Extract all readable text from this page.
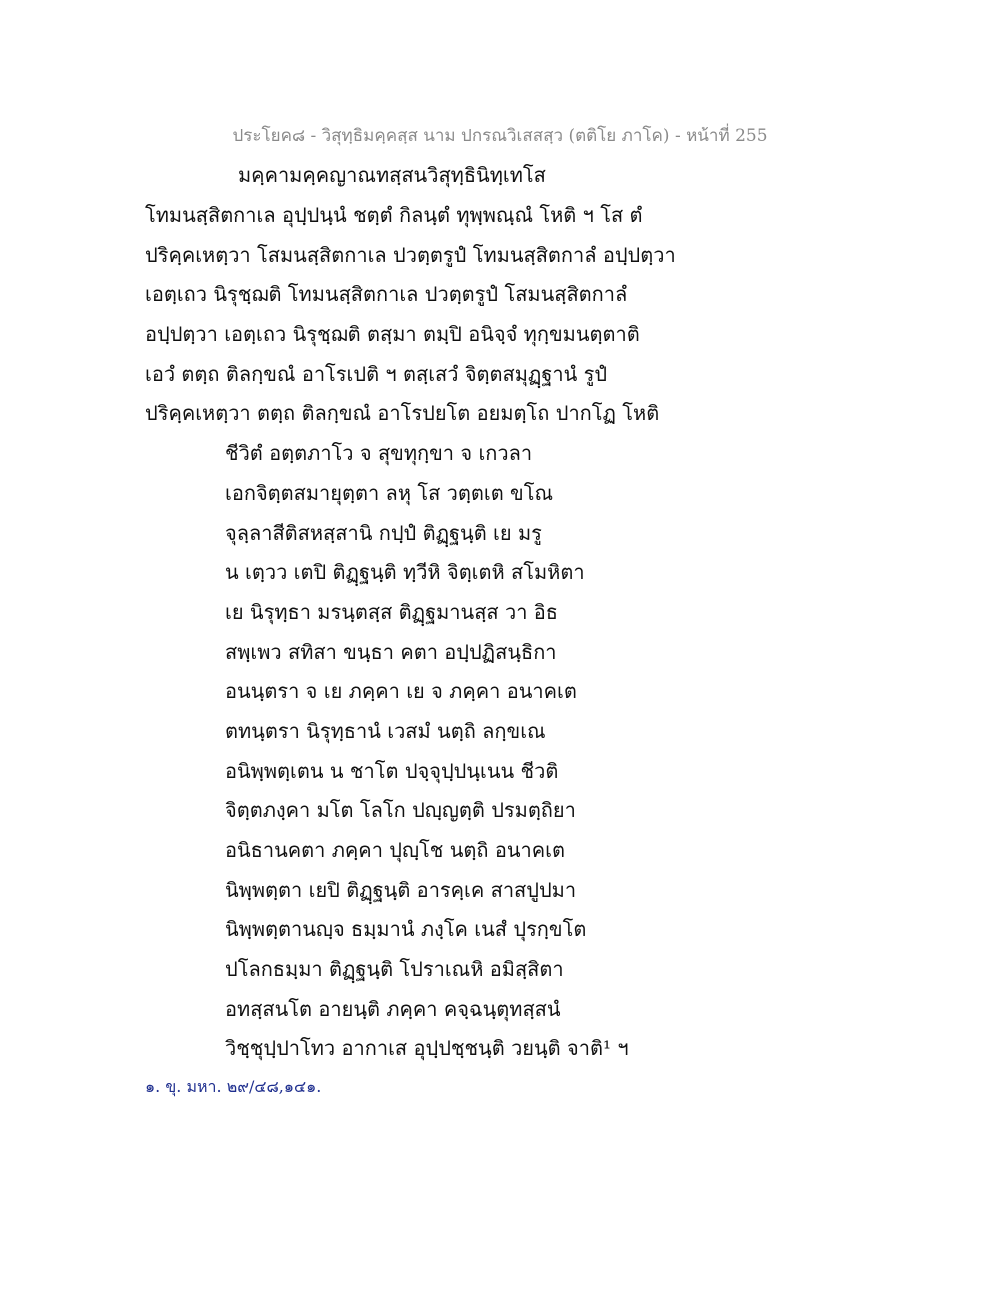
ประโยค๘ - วิสุทฺธิมคฺคสฺส นาม ปกรณวิเสสสฺว (ตติโย ภาโค) - หน้าที่ 255
มคฺคามคฺคญาณทสฺสนวิสุทฺธินิทฺเทโส
โทมนสฺสิตกาเล อุปฺปนฺนํ ชตฺตํ กิลนฺตํ ทุพฺพณฺณํ โหติ ฯ โส ตํ
ปริคฺคเหตฺวา โสมนสฺสิตกาเล ปวตฺตรูปํ โทมนสฺสิตกาลํ อปฺปตฺวา
เอตฺเถว นิรุชฺฌติ โทมนสฺสิตกาเล ปวตฺตรูปํ โสมนสฺสิตกาลํ
อปฺปตฺวา เอตฺเถว นิรุชฺฌติ ตสฺมา ตมฺปิ อนิจฺจํ ทุกฺขมนตฺตาติ
เอวํ ตตฺถ ติลกฺขณํ อาโรเปติ ฯ ตสฺเสวํ จิตฺตสมุฏฺฐานํ รูปํ
ปริคฺคเหตฺวา ตตฺถ ติลกฺขณํ อาโรปยโต อยมตฺโถ ปากโฏ โหติ
ชีวิตํ อตฺตภาโว จ สุขทุกฺขา จ เกวลา
เอกจิตฺตสมายุตฺตา ลหุ โส วตฺตเต ขโณ
จุลฺลาสีติสหสฺสานิ กปฺปํ ติฏฺฐนฺติ เย มรู
น เตฺวว เตปิ ติฏฺฐนฺติ ทฺวีหิ จิตฺเตหิ สโมหิตา
เย นิรุทฺธา มรนฺตสฺส ติฏฺฐมานสฺส วา อิธ
สพฺเพว สทิสา ขนฺธา คตา อปฺปฏิสนฺธิกา
อนนฺตรา จ เย ภคฺคา เย จ ภคฺคา อนาคเต
ตทนฺตรา นิรุทฺธานํ เวสมํ นตฺถิ ลกฺขเณ
อนิพฺพตฺเตน น ชาโต ปจฺจุปฺปนฺเนน ชีวติ
จิตฺตภงฺคา มโต โลโก ปญฺญตฺติ ปรมตฺถิยา
อนิธานคตา ภคฺคา ปุญฺโช นตฺถิ อนาคเต
นิพฺพตฺตา เยปิ ติฏฺฐนฺติ อารคฺเค สาสปูปมา
นิพฺพตฺตานญฺจ ธมฺมานํ ภงฺโค เนสํ ปุรกฺขโต
ปโลกธมฺมา ติฏฺฐนฺติ โปราเณหิ อมิสฺสิตา
อทสฺสนโต อายนฺติ ภคฺคา คจฺฉนฺตุทสฺสนํ
วิชฺชุปฺปาโทว อากาเส อุปฺปชฺชนฺติ วยนฺติ จาติ¹ ฯ
๑. ขุ. มหา. ๒๙/๔๘,๑๔๑.
